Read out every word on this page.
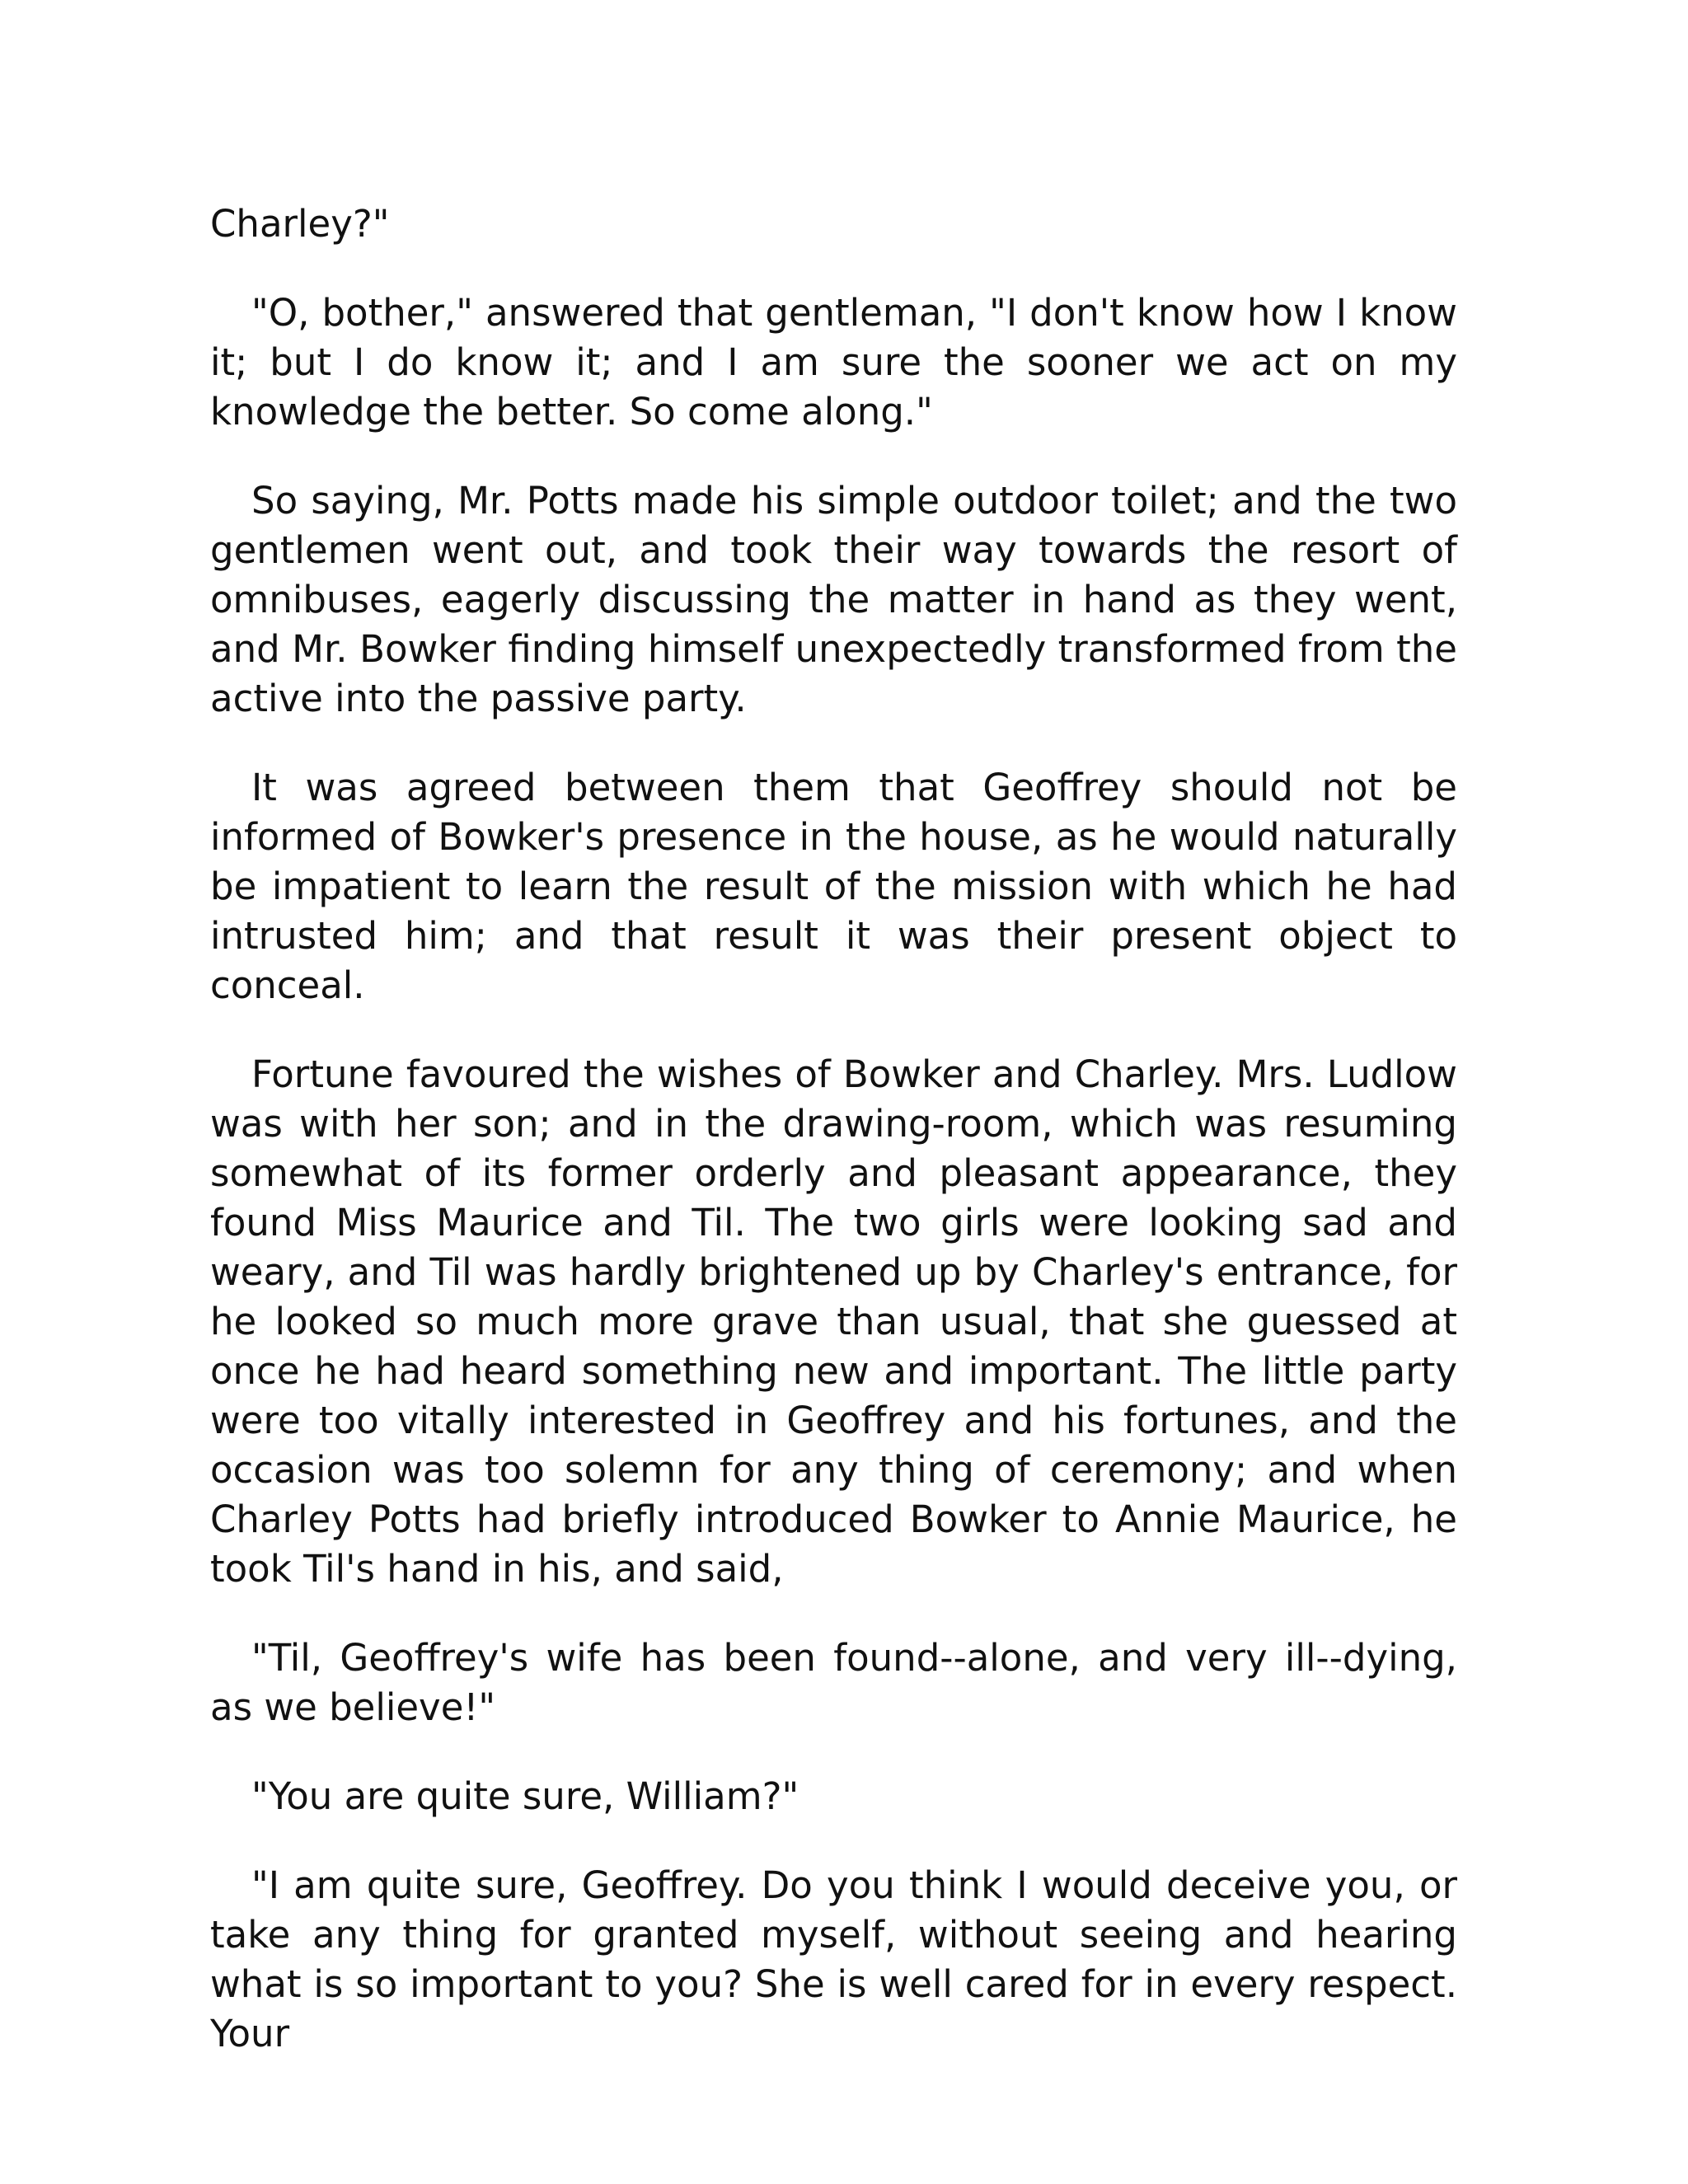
Charley?"

"O, bother," answered that gentleman, "I don't know how I know it; but I do know it; and I am sure the sooner we act on my knowledge the better. So come along."

So saying, Mr. Potts made his simple outdoor toilet; and the two gentlemen went out, and took their way towards the resort of omnibuses, eagerly discussing the matter in hand as they went, and Mr. Bowker finding himself unexpectedly transformed from the active into the passive party.

It was agreed between them that Geoffrey should not be informed of Bowker's presence in the house, as he would naturally be impatient to learn the result of the mission with which he had intrusted him; and that result it was their present object to conceal.

Fortune favoured the wishes of Bowker and Charley. Mrs. Ludlow was with her son; and in the drawing-room, which was resuming somewhat of its former orderly and pleasant appearance, they found Miss Maurice and Til. The two girls were looking sad and weary, and Til was hardly brightened up by Charley's entrance, for he looked so much more grave than usual, that she guessed at once he had heard something new and important. The little party were too vitally interested in Geoffrey and his fortunes, and the occasion was too solemn for any thing of ceremony; and when Charley Potts had briefly introduced Bowker to Annie Maurice, he took Til's hand in his, and said,

"Til, Geoffrey's wife has been found--alone, and very ill--dying, as we believe!"

"You are quite sure, William?"

"I am quite sure, Geoffrey. Do you think I would deceive you, or take any thing for granted myself, without seeing and hearing what is so important to you? She is well cared for in every respect. Your
